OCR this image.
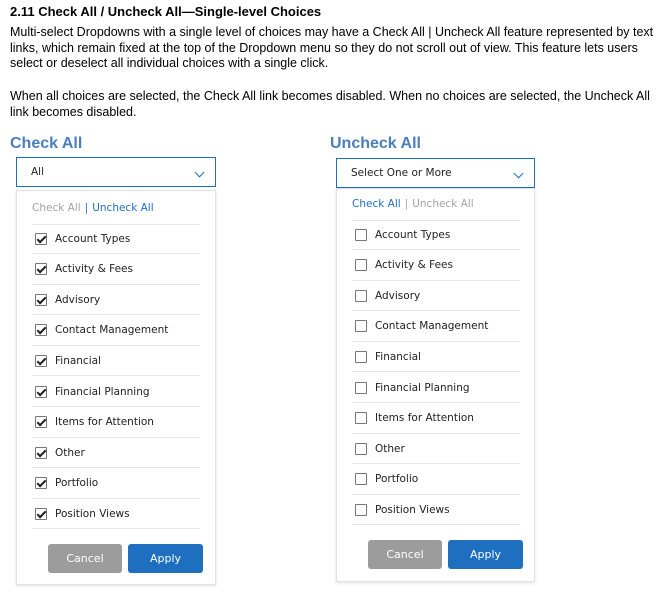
2.11 Check All / Uncheck All—Single-level Choices
Multi-select Dropdowns with a single level of choices may have a Check All | Uncheck All feature represented by text links, which remain fixed at the top of the Dropdown menu so they do not scroll out of view. This feature lets users select or deselect all individual choices with a single click.
When all choices are selected, the Check All link becomes disabled. When no choices are selected, the Uncheck All link becomes disabled.
Check All
All
Check All | Uncheck All
Account Types
Activity & Fees
Advisory
Contact Management
Financial
Financial Planning
Items for Attention
Other
Portfolio
Position Views
Cancel	Apply
Uncheck All
Select One or More
Check All | Uncheck All
Account Types
Activity & Fees
Advisory
Contact Management
Financial
Financial Planning
Items for Attention
Other
Portfolio
Position Views
Cancel	Apply
